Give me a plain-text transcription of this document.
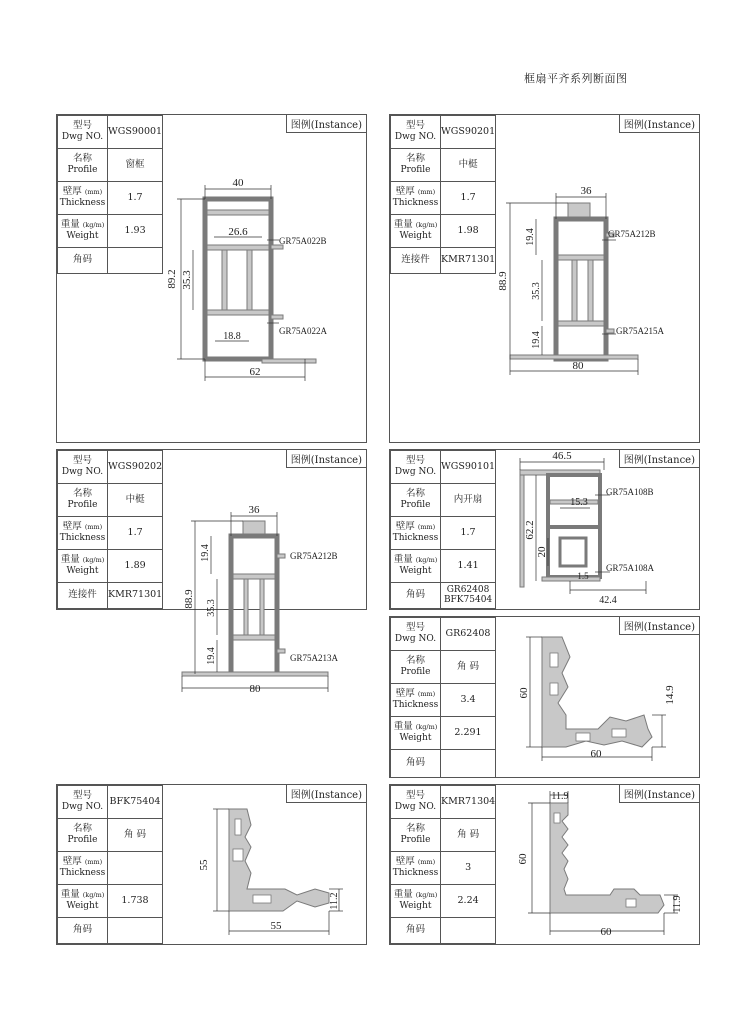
框扇平齐系列断面图
型号
Dwg NO.	WGS90001

名称
Profile	窗框

壁厚 (mm)
Thickness	1.7

重量 (kg/m)
Weight	1.93
角码	
图例(Instance)
40
26.6
89.2 35.3
18.8
62
GR75A022B
GR75A022A
型号
Dwg NO.	WGS90201

名称
Profile	中梃

壁厚 (mm)
Thickness	1.7

重量 (kg/m)
Weight	1.98
连接件	KMR71301
图例(Instance)
36
19.4
88.9
35.3
19.4
80
GR75A212B
GR75A215A
型号
Dwg NO.	WGS90202

名称
Profile	中梃

壁厚 (mm)
Thickness	1.7

重量 (kg/m)
Weight	1.89
连接件	KMR71301
图例(Instance)
36
19.4
88.9 35.3
19.4
80
GR75A212B
GR75A213A
型号
Dwg NO.	WGS90101

名称
Profile	内开扇

壁厚 (mm)
Thickness	1.7

重量 (kg/m)
Weight	1.41
角码	GR62408
BFK75404
图例(Instance)
46.5
15.3
62.2
20
1.5
42.4
GR75A108B
GR75A108A
型号
Dwg NO.	GR62408

名称
Profile	角 码

壁厚 (mm)
Thickness	3.4

重量 (kg/m)
Weight	2.291
角码	
图例(Instance)
60	14.9
60
型号
Dwg NO.	BFK75404

名称
Profile	角 码

壁厚 (mm)
Thickness	

重量 (kg/m)
Weight	1.738
角码	
图例(Instance)
55
11.2
55
型号
Dwg NO.	KMR71304

名称
Profile	角 码

壁厚 (mm)
Thickness	3

重量 (kg/m)
Weight	2.24
角码	
图例(Instance)
11.9
60
11.9
60
